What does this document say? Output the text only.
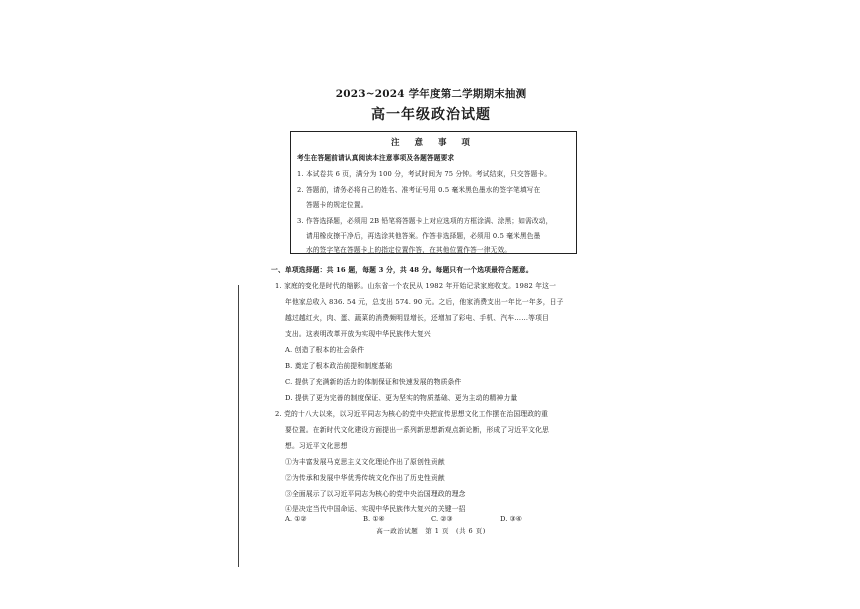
2023~2024 学年度第二学期期末抽测
高一年级政治试题
注 意 事 项
考生在答题前请认真阅读本注意事项及各题答题要求
1. 本试卷共 6 页，满分为 100 分，考试时间为 75 分钟。考试结束，只交答题卡。
2. 答题前，请务必将自己的姓名、准考证号用 0.5 毫米黑色墨水的签字笔填写在
答题卡的规定位置。
3. 作答选择题，必须用 2B 铅笔将答题卡上对应选项的方框涂满、涂黑；如需改动，
请用橡皮擦干净后，再选涂其他答案。作答非选择题，必须用 0.5 毫米黑色墨
水的签字笔在答题卡上的指定位置作答，在其他位置作答一律无效。
一、单项选择题：共 16 题，每题 3 分，共 48 分。每题只有一个选项最符合题意。
1. 家庭的变化是时代的缩影。山东省一个农民从 1982 年开始记录家庭收支。1982 年这一
年他家总收入 836. 54 元，总支出 574. 90 元。之后，他家消费支出一年比一年多，日子
越过越红火，肉、蛋、蔬菜的消费频明显增长，还增加了彩电、手机、汽车……等项目
支出。这表明改革开放为实现中华民族伟大复兴
A. 创造了根本的社会条件
B. 奠定了根本政治前提和制度基础
C. 提供了充满新的活力的体制保证和快速发展的物质条件
D. 提供了更为完善的制度保证、更为坚实的物质基础、更为主动的精神力量
2. 党的十八大以来，以习近平同志为核心的党中央把宣传思想文化工作摆在治国理政的重
要位置。在新时代文化建设方面提出一系列新思想新观点新论断，形成了习近平文化思
想。习近平文化思想
①为丰富发展马克思主义文化理论作出了原创性贡献
②为传承和发展中华优秀传统文化作出了历史性贡献
③全面展示了以习近平同志为核心的党中央治国理政的理念
④是决定当代中国命运、实现中华民族伟大复兴的关键一招
A. ①②	B. ①④	C. ②③	D. ③④
高一政治试题　第 1 页　(共 6 页)
